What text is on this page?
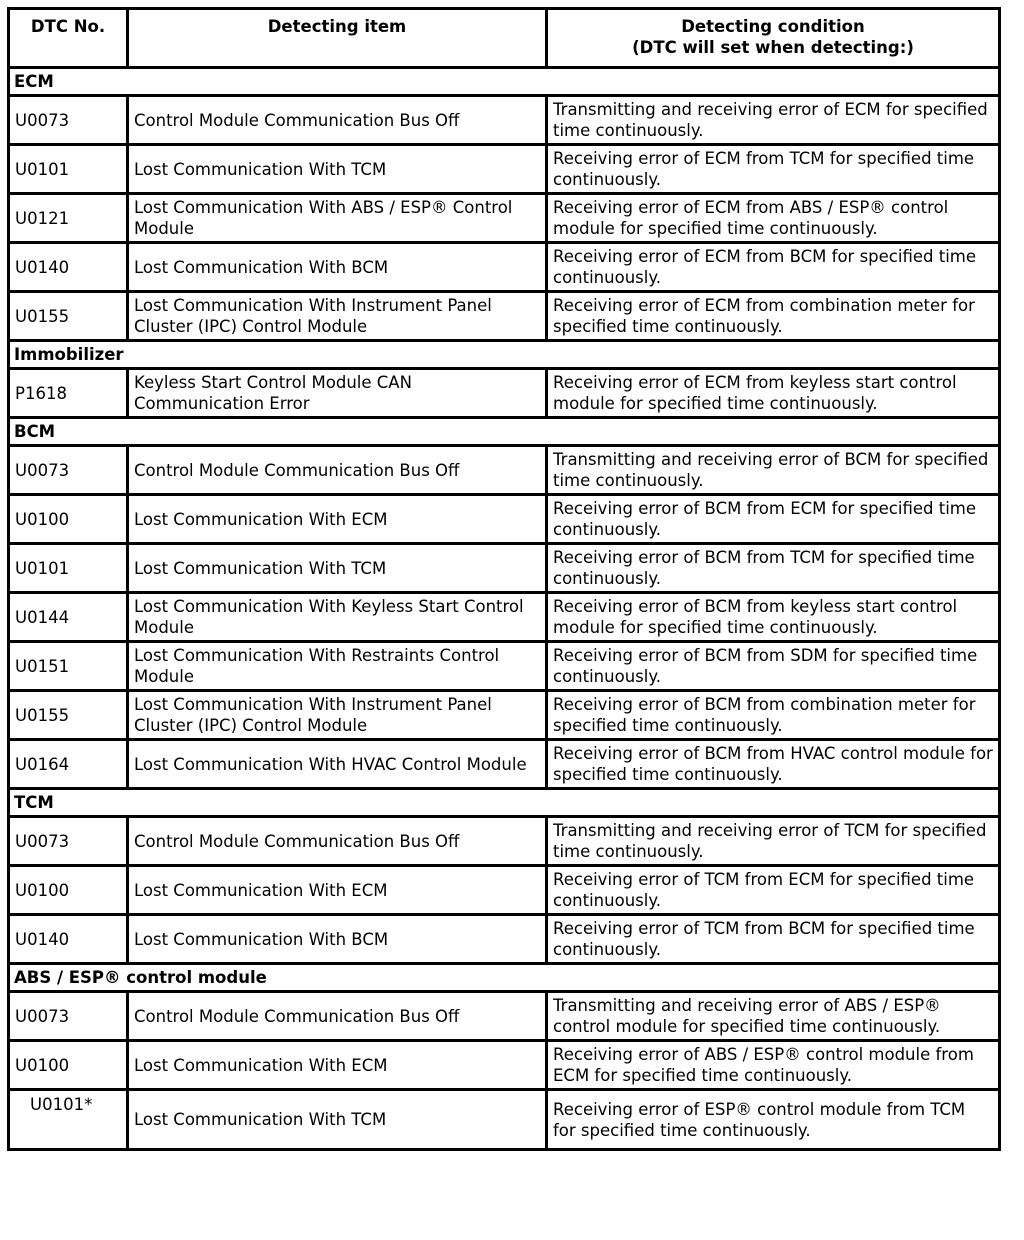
DTC No.	Detecting item	Detecting condition
(DTC will set when detecting:)

ECM		
U0073	Control Module Communication Bus Off	Transmitting and receiving error of ECM for specified time continuously.
U0101	Lost Communication With TCM	Receiving error of ECM from TCM for specified time continuously.
U0121	Lost Communication With ABS / ESP® Control Module	Receiving error of ECM from ABS / ESP® control module for specified time continuously.
U0140	Lost Communication With BCM	Receiving error of ECM from BCM for specified time continuously.
U0155	Lost Communication With Instrument Panel Cluster (IPC) Control Module	Receiving error of ECM from combination meter for specified time continuously.
Immobilizer		
P1618	Keyless Start Control Module CAN Communication Error	Receiving error of ECM from keyless start control module for specified time continuously.
BCM		
U0073	Control Module Communication Bus Off	Transmitting and receiving error of BCM for specified time continuously.
U0100	Lost Communication With ECM	Receiving error of BCM from ECM for specified time continuously.
U0101	Lost Communication With TCM	Receiving error of BCM from TCM for specified time continuously.
U0144	Lost Communication With Keyless Start Control Module	Receiving error of BCM from keyless start control module for specified time continuously.
U0151	Lost Communication With Restraints Control Module	Receiving error of BCM from SDM for specified time continuously.
U0155	Lost Communication With Instrument Panel Cluster (IPC) Control Module	Receiving error of BCM from combination meter for specified time continuously.
U0164	Lost Communication With HVAC Control Module	Receiving error of BCM from HVAC control module for specified time continuously.
TCM		
U0073	Control Module Communication Bus Off	Transmitting and receiving error of TCM for specified time continuously.
U0100	Lost Communication With ECM	Receiving error of TCM from ECM for specified time continuously.
U0140	Lost Communication With BCM	Receiving error of TCM from BCM for specified time continuously.
ABS / ESP® control module		
U0073	Control Module Communication Bus Off	Transmitting and receiving error of ABS / ESP® control module for specified time continuously.
U0100	Lost Communication With ECM	Receiving error of ABS / ESP® control module from ECM for specified time continuously.
U0101*	Lost Communication With TCM	Receiving error of ESP® control module from TCM for specified time continuously.
